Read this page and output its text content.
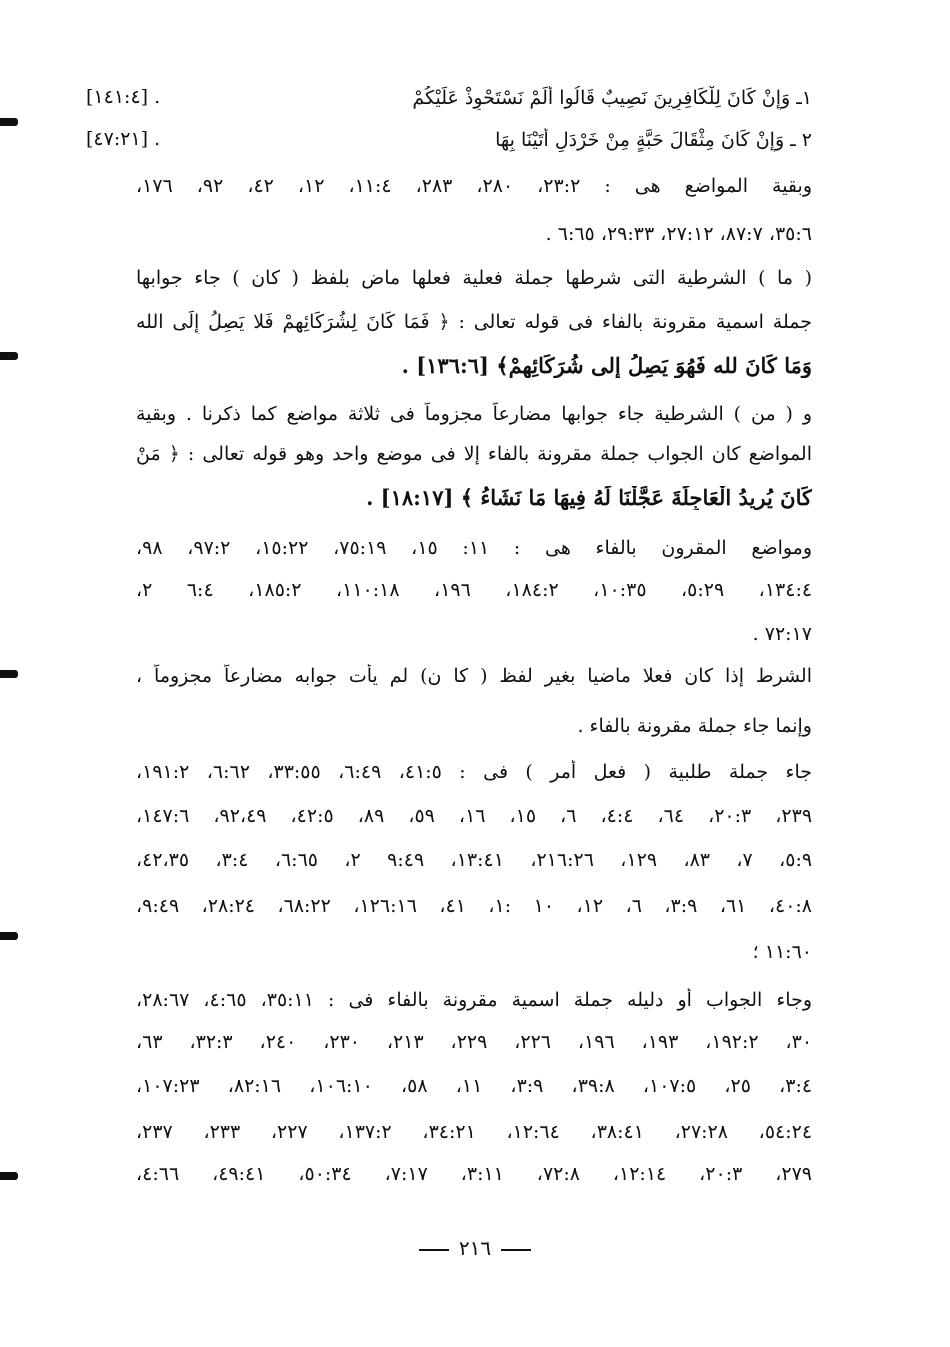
١ـ وَإِنْ كَانَ لِلْكَافِرِينَ نَصِيبٌ قَالُوا أَلَمْ نَسْتَحْوِذْ عَلَيْكُمْ
[١٤١:٤] .
٢ ـ وَإِنْ كَانَ مِثْقَالَ حَبَّةٍ مِنْ خَرْدَلٍ أَتَيْنَا بِهَا
[٤٧:٢١] .
وبقية المواضع هى : ٢٣:٢، ٢٨٠، ٢٨٣، ١١:٤، ١٢، ٤٢، ٩٢، ١٧٦،
٣٥:٦، ٨٧:٧، ٢٧:١٢، ٢٩:٣٣، ٦:٦٥ .
( ما ) الشرطية التى شرطها جملة فعلية فعلها ماض بلفظ ( كان ) جاء جوابها
جملة اسمية مقرونة بالفاء فى قوله تعالى : ﴿ فَمَا كَانَ لِشُرَكَائِهِمْ فَلا يَصِلُ إِلَى الله
وَمَا كَانَ لله فَهُوَ يَصِلُ إلى شُرَكَائِهِمْ﴾ [١٣٦:٦] .
و ( من ) الشرطية جاء جوابها مضارعاً مجزوماً فى ثلاثة مواضع كما ذكرنا . وبقية
المواضع كان الجواب جملة مقرونة بالفاء إلا فى موضع واحد وهو قوله تعالى : ﴿ مَنْ
كَانَ يُرِيدُ الْعَاجِلَةَ عَجَّلْنَا لَهُ فِيهَا مَا نَشَاءُ ﴾ [١٨:١٧] .
ومواضع المقرون بالفاء هى : ١١: ١٥، ٧٥:١٩، ١٥:٢٢، ٩٧:٢، ٩٨،
١٣٤:٤، ٥:٢٩، ١٠:٣٥، ١٨٤:٢، ١٩٦، ١١٠:١٨، ١٨٥:٢، ٦:٤ ٢،
٧٢:١٧ .
الشرط إذا كان فعلا ماضيا بغير لفظ ( كا ن) لم يأت جوابه مضارعاً مجزوماً ،
وإنما جاء جملة مقرونة بالفاء .
جاء جملة طلبية ( فعل أمر ) فى : ٤١:٥، ٦:٤٩، ٣٣:٥٥، ٦:٦٢، ١٩١:٢،
٢٣٩، ٢٠:٣، ٦٤، ٤:٤، ٦، ١٥، ١٦، ٥٩، ٨٩، ٤٢:٥، ٩٢،٤٩، ١٤٧:٦،
٥:٩، ٧، ٨٣، ١٢٩، ٢١٦:٢٦، ١٣:٤١، ٩:٤٩ ٢، ٦:٦٥، ٣:٤، ٤٢،٣٥،
٤٠:٨، ٦١، ٣:٩، ٦، ١٢، ١٠ :١، ٤١، ١٢٦:١٦، ٦٨:٢٢، ٢٨:٢٤، ٩:٤٩،
١١:٦٠ ؛
وجاء الجواب أو دليله جملة اسمية مقرونة بالفاء فى : ٣٥:١١، ٤:٦٥، ٢٨:٦٧،
٣٠، ١٩٢:٢، ١٩٣، ١٩٦، ٢٢٦، ٢٢٩، ٢١٣، ٢٣٠، ٢٤٠، ٣٢:٣، ٦٣،
٣:٤، ٢٥، ١٠٧:٥، ٣٩:٨، ٣:٩، ١١، ٥٨، ١٠٦:١٠، ٨٢:١٦، ١٠٧:٢٣،
٥٤:٢٤، ٢٧:٢٨، ٣٨:٤١، ١٢:٦٤، ٣٤:٢١، ١٣٧:٢، ٢٢٧، ٢٣٣، ٢٣٧،
٢٧٩، ٢٠:٣، ١٢:١٤، ٧٢:٨، ٣:١١، ٧:١٧، ٥٠:٣٤، ٤٩:٤١، ٤:٦٦،
٢١٦
